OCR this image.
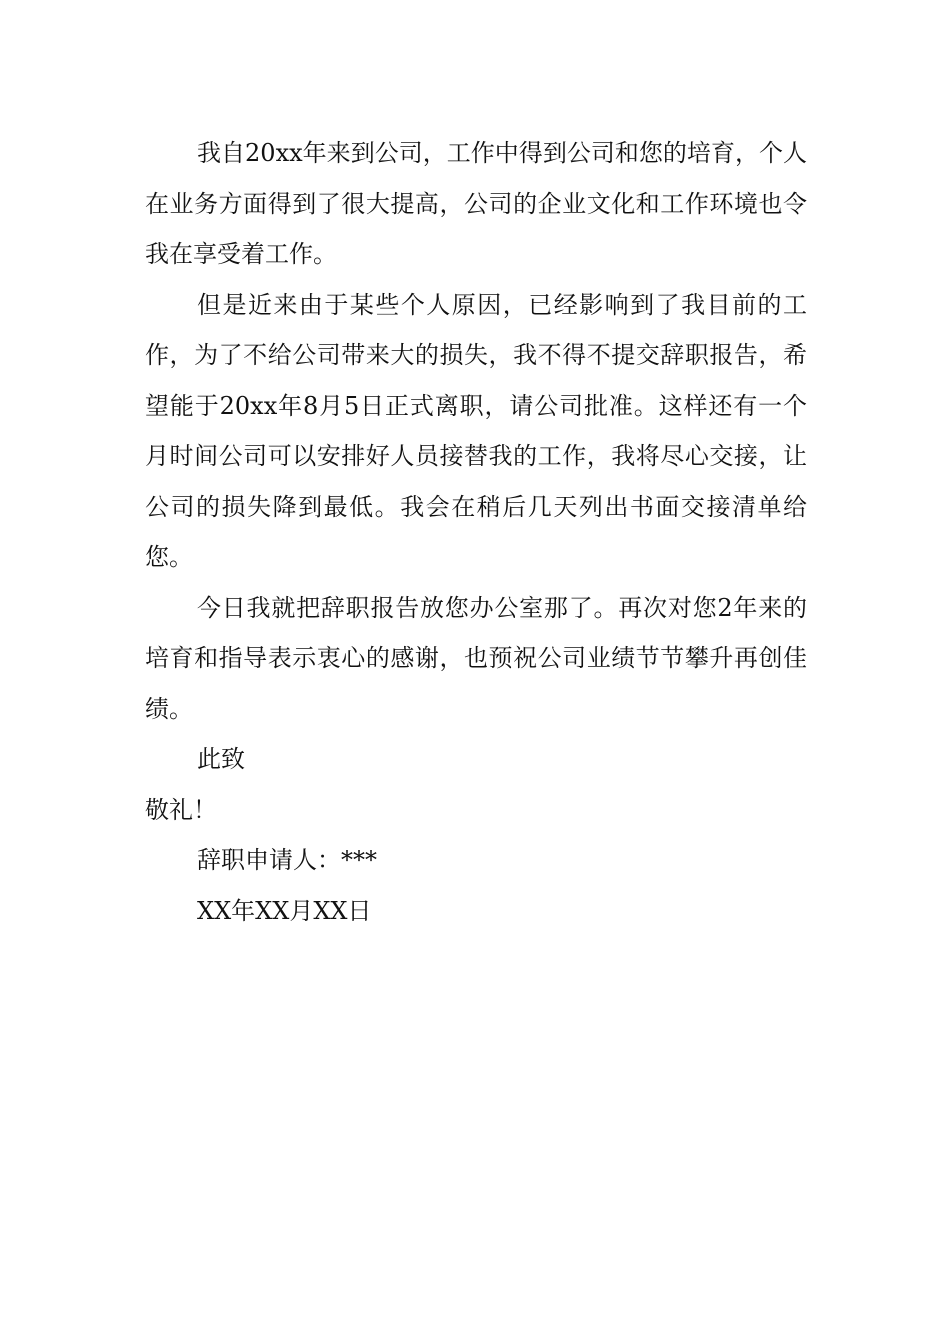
我自20xx年来到公司，工作中得到公司和您的培育，个人在业务方面得到了很大提高，公司的企业文化和工作环境也令我在享受着工作。

但是近来由于某些个人原因，已经影响到了我目前的工作，为了不给公司带来大的损失，我不得不提交辞职报告，希望能于20xx年8月5日正式离职，请公司批准。这样还有一个月时间公司可以安排好人员接替我的工作，我将尽心交接，让公司的损失降到最低。我会在稍后几天列出书面交接清单给您。

今日我就把辞职报告放您办公室那了。再次对您2年来的培育和指导表示衷心的感谢，也预祝公司业绩节节攀升再创佳绩。

此致

敬礼！

辞职申请人：***

XX年XX月XX日
